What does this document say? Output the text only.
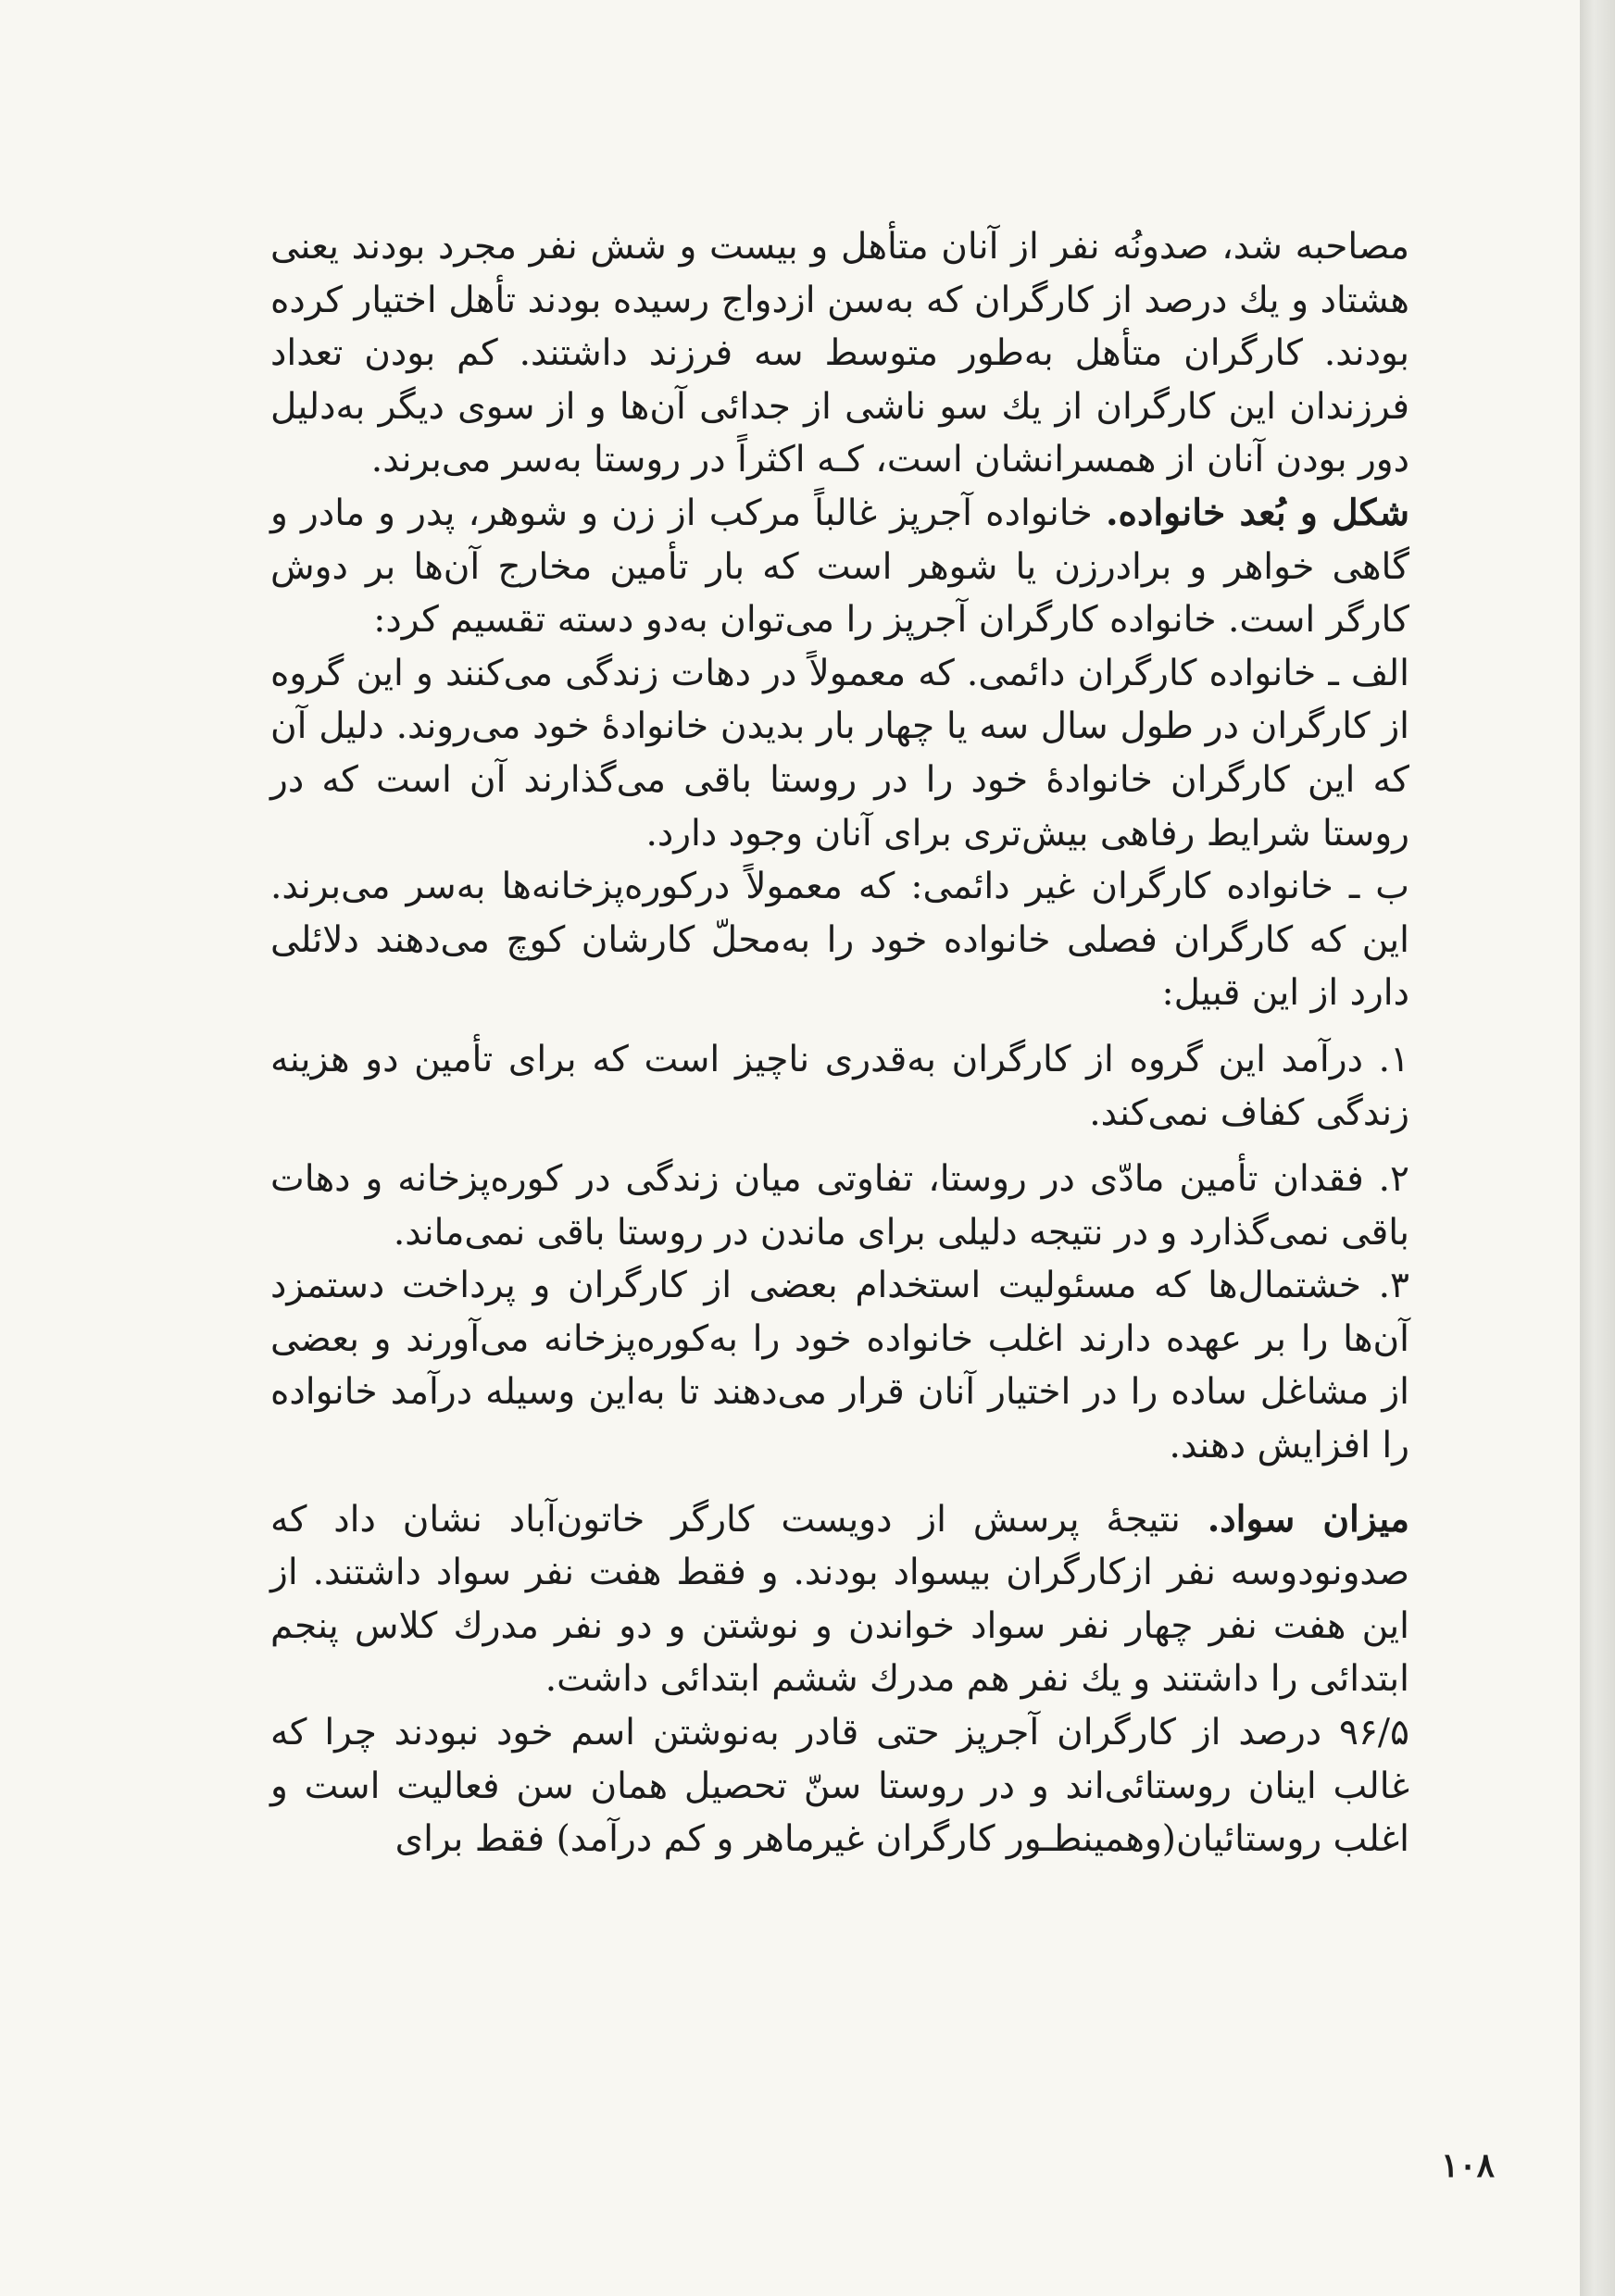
مصاحبه شد، صدونُه نفر از آنان متأهل و بیست و شش نفر مجرد بودند یعنی هشتاد و یك درصد از کارگران که به‌سن ازدواج رسیده بودند تأهل اختیار کرده بودند. کارگران متأهل به‌طور متوسط سه فرزند داشتند. کم بودن تعداد فرزندان این کارگران از یك سو ناشی از جدائی آن‌ها و از سوی دیگر به‌دلیل دور بودن آنان از همسرانشان است، کـه اکثراً در روستا به‌سر می‌برند.

شکل و بُعد خانواده. خانواده آجرپز غالباً مرکب از زن و شوهر، پدر و مادر و گاهی خواهر و برادرزن یا شوهر است که بار تأمین مخارج آن‌ها بر دوش کارگر است. خانواده کارگران آجرپز را می‌توان به‌دو دسته تقسیم کرد:

الف ـ خانواده کارگران دائمی. که معمولاً در دهات زندگی می‌کنند و این گروه از کارگران در طول سال سه یا چهار بار بدیدن خانوادهٔ خود می‌روند. دلیل آن که این کارگران خانوادهٔ خود را در روستا باقی می‌گذارند آن است که در روستا شرایط رفاهی بیش‌تری برای آنان وجود دارد.

ب ـ خانواده کارگران غیر دائمی: که معمولاً درکوره‌پزخانه‌ها به‌سر می‌برند. این که کارگران فصلی خانواده خود را به‌محلّ کارشان کوچ می‌دهند دلائلی دارد از این قبیل:

۱. درآمد این گروه از کارگران به‌قدری ناچیز است که برای تأمین دو هزینه زندگی کفاف نمی‌کند.

۲. فقدان تأمین مادّی در روستا، تفاوتی میان زندگی در کوره‌پزخانه و دهات باقی نمی‌گذارد و در نتیجه دلیلی برای ماندن در روستا باقی نمی‌ماند.

۳. خشتمال‌ها که مسئولیت استخدام بعضی از کارگران و پرداخت دستمزد آن‌ها را بر عهده دارند اغلب خانواده خود را به‌کوره‌پزخانه می‌آورند و بعضی از مشاغل ساده را در اختیار آنان قرار می‌دهند تا به‌این وسیله درآمد خانواده را افزایش دهند.

میزان سواد. نتیجهٔ پرسش از دویست کارگر خاتون‌آباد نشان داد که صدونودوسه نفر ازکارگران بیسواد بودند. و فقط هفت نفر سواد داشتند. از این هفت نفر چهار نفر سواد خواندن و نوشتن و دو نفر مدرك کلاس پنجم ابتدائی را داشتند و یك نفر هم مدرك ششم ابتدائی داشت.

۹۶/۵ درصد از کارگران آجرپز حتی قادر به‌نوشتن اسم خود نبودند چرا که غالب اینان روستائی‌اند و در روستا سنّ تحصیل همان سن فعالیت است و اغلب روستائیان(وهمینطـور کارگران غیرماهر و کم درآمد) فقط برای

۱۰۸
